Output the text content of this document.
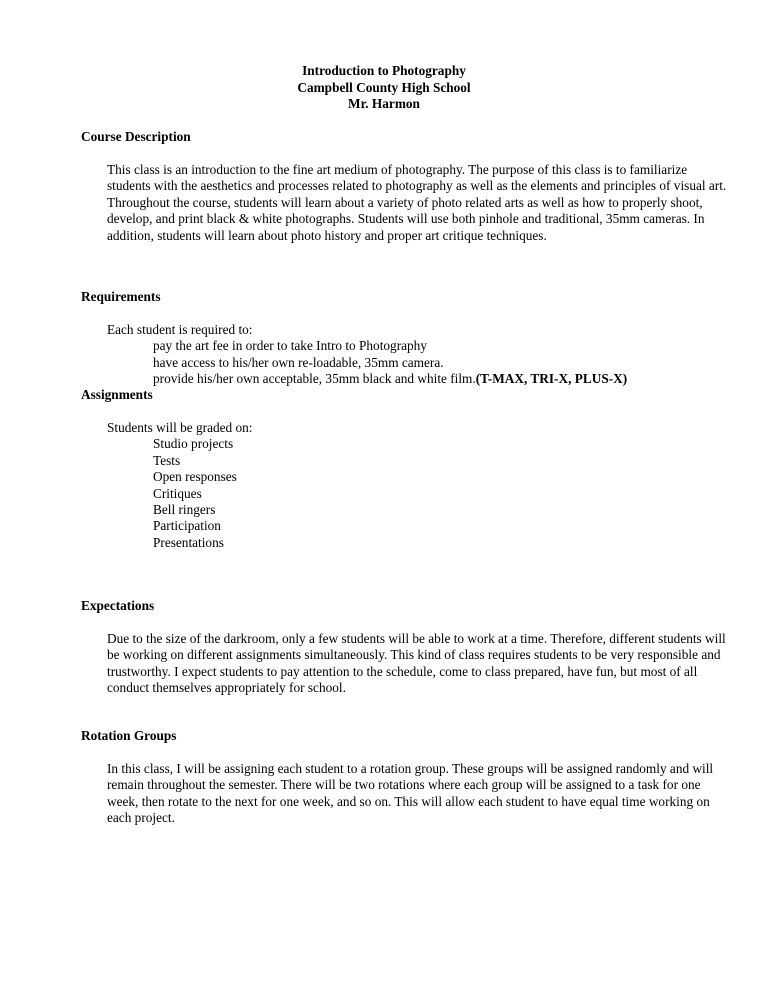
Introduction to Photography
Campbell County High School
Mr. Harmon
Course Description

This class is an introduction to the fine art medium of photography. The purpose of this class is to familiarize students with the aesthetics and processes related to photography as well as the elements and principles of visual art. Throughout the course, students will learn about a variety of photo related arts as well as how to properly shoot, develop, and print black & white photographs. Students will use both pinhole and traditional, 35mm cameras. In addition, students will learn about photo history and proper art critique techniques.

Requirements

Each student is required to:

pay the art fee in order to take Intro to Photography
have access to his/her own re-loadable, 35mm camera.
provide his/her own acceptable, 35mm black and white film.(T-MAX, TRI-X, PLUS-X)
Assignments

Students will be graded on:

Studio projects
Tests
Open responses
Critiques
Bell ringers
Participation
Presentations
Expectations

Due to the size of the darkroom, only a few students will be able to work at a time. Therefore, different students will be working on different assignments simultaneously. This kind of class requires students to be very responsible and trustworthy. I expect students to pay attention to the schedule, come to class prepared, have fun, but most of all conduct themselves appropriately for school.

Rotation Groups

In this class, I will be assigning each student to a rotation group. These groups will be assigned randomly and will remain throughout the semester. There will be two rotations where each group will be assigned to a task for one week, then rotate to the next for one week, and so on. This will allow each student to have equal time working on each project.
